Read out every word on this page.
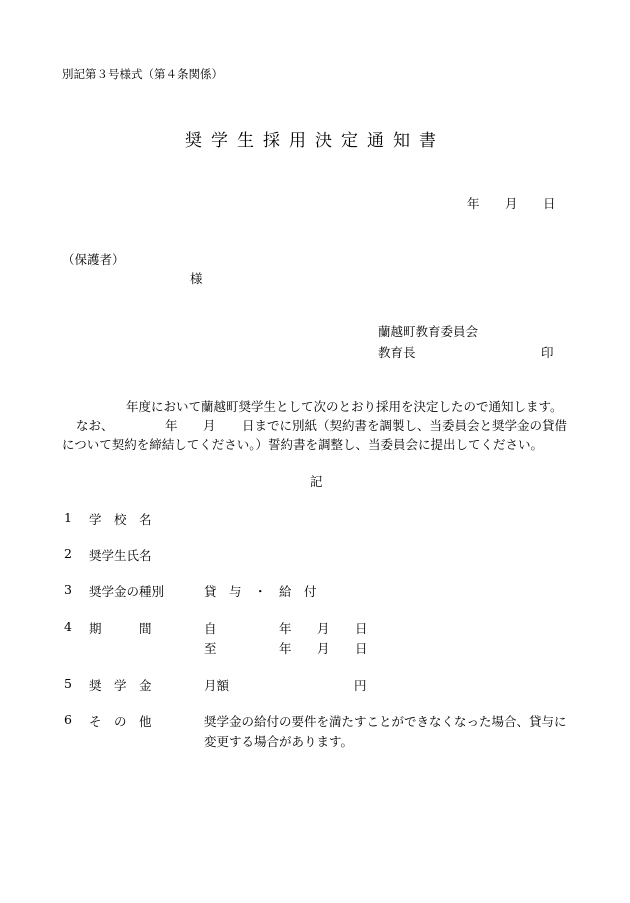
別記第３号様式（第４条関係）
奨学生採用決定通知書
年 月 日
（保護者）
様
蘭越町教育委員会
教育長	印
年度において蘭越町奨学生として次のとおり採用を決定したので通知します。
なお、	年 月 日までに別紙（契約書を調製し、当委員会と奨学金の貸借
について契約を締結してください。）誓約書を調整し、当委員会に提出してください。
記
1 学　校　名
2 奨学生氏名
3 奨学金の種別	貸　与　・　給　付
4 期　　　間	自	年 月 日
至	年 月 日
5 奨　学　金	月額	円
6 そ　の　他	奨学金の給付の要件を満たすことができなくなった場合、貸与に
変更する場合があります。
